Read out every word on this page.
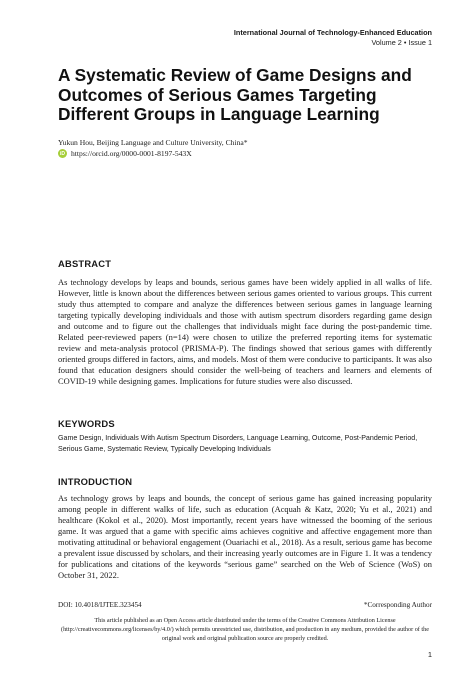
International Journal of Technology-Enhanced Education
Volume 2 • Issue 1
A Systematic Review of Game Designs and Outcomes of Serious Games Targeting Different Groups in Language Learning
Yukun Hou, Beijing Language and Culture University, China*
iD https://orcid.org/0000-0001-8197-543X
ABSTRACT

As technology develops by leaps and bounds, serious games have been widely applied in all walks of life. However, little is known about the differences between serious games oriented to various groups. This current study thus attempted to compare and analyze the differences between serious games in language learning targeting typically developing individuals and those with autism spectrum disorders regarding game design and outcome and to figure out the challenges that individuals might face during the post-pandemic time. Related peer-reviewed papers (n=14) were chosen to utilize the preferred reporting items for systematic review and meta-analysis protocol (PRISMA-P). The findings showed that serious games with differently oriented groups differed in factors, aims, and models. Most of them were conducive to participants. It was also found that education designers should consider the well-being of teachers and learners and elements of COVID-19 while designing games. Implications for future studies were also discussed.

KEYWORDS

Game Design, Individuals With Autism Spectrum Disorders, Language Learning, Outcome, Post-Pandemic Period, Serious Game, Systematic Review, Typically Developing Individuals

INTRODUCTION

As technology grows by leaps and bounds, the concept of serious game has gained increasing popularity among people in different walks of life, such as education (Acquah & Katz, 2020; Yu et al., 2021) and healthcare (Kokol et al., 2020). Most importantly, recent years have witnessed the booming of the serious game. It was argued that a game with specific aims achieves cognitive and affective engagement more than motivating attitudinal or behavioral engagement (Ouariachi et al., 2018). As a result, serious game has become a prevalent issue discussed by scholars, and their increasing yearly outcomes are in Figure 1. It was a tendency for publications and citations of the keywords “serious game” searched on the Web of Science (WoS) on October 31, 2022.

DOI: 10.4018/IJTEE.323454	*Corresponding Author
This article published as an Open Access article distributed under the terms of the Creative Commons Attribution License (http://creativecommons.org/licenses/by/4.0/) which permits unrestricted use, distribution, and production in any medium, provided the author of the original work and original publication source are properly credited.
1
